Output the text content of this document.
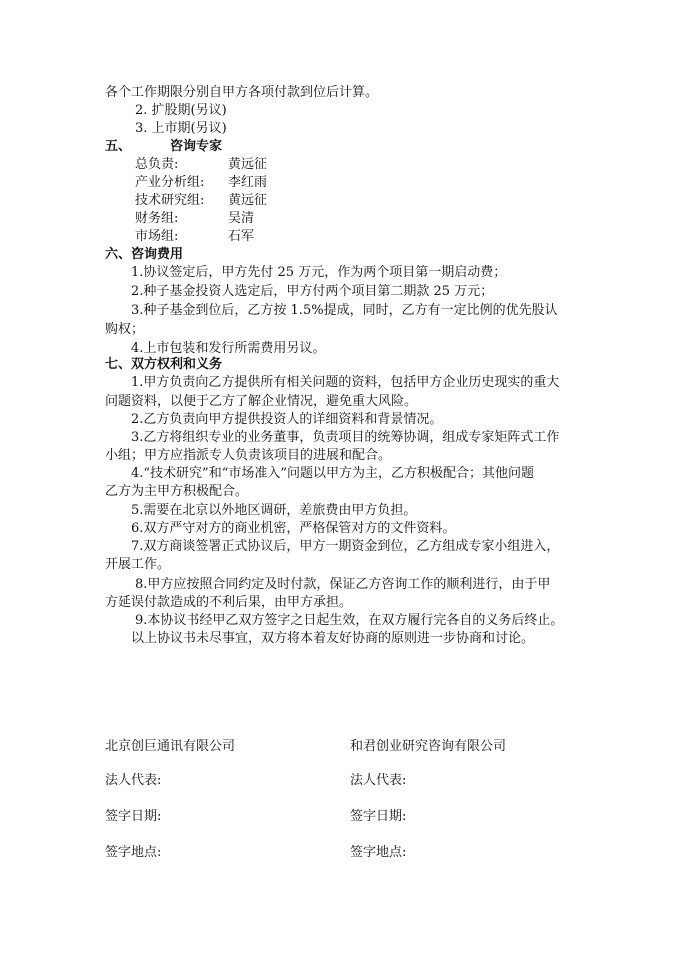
各个工作期限分别自甲方各项付款到位后计算。
2. 扩股期(另议)
3. 上市期(另议)
五、	咨询专家
总负责:	黄远征
产业分析组: 李红雨
技术研究组: 黄远征
财务组:	吴清
市场组:	石军
六、咨询费用
1.协议签定后，甲方先付 25 万元，作为两个项目第一期启动费；
2.种子基金投资人选定后，甲方付两个项目第二期款 25 万元；
3.种子基金到位后，乙方按 1.5%提成，同时，乙方有一定比例的优先股认
购权；
4.上市包装和发行所需费用另议。
七、双方权利和义务
1.甲方负责向乙方提供所有相关问题的资料，包括甲方企业历史现实的重大
问题资料，以便于乙方了解企业情况，避免重大风险。
2.乙方负责向甲方提供投资人的详细资料和背景情况。
3.乙方将组织专业的业务董事，负责项目的统筹协调，组成专家矩阵式工作
小组；甲方应指派专人负责该项目的进展和配合。
4.“技术研究”和“市场准入”问题以甲方为主，乙方积极配合；其他问题
乙方为主甲方积极配合。
5.需要在北京以外地区调研，差旅费由甲方负担。
6.双方严守对方的商业机密，严格保管对方的文件资料。
7.双方商谈签署正式协议后，甲方一期资金到位，乙方组成专家小组进入，
开展工作。
8.甲方应按照合同约定及时付款，保证乙方咨询工作的顺利进行，由于甲
方延误付款造成的不利后果，由甲方承担。
9.本协议书经甲乙双方签字之日起生效，在双方履行完各自的义务后终止。
以上协议书未尽事宜，双方将本着友好协商的原则进一步协商和讨论。
北京创巨通讯有限公司	和君创业研究咨询有限公司
法人代表:	法人代表:
签字日期:	签字日期:
签字地点:	签字地点:
